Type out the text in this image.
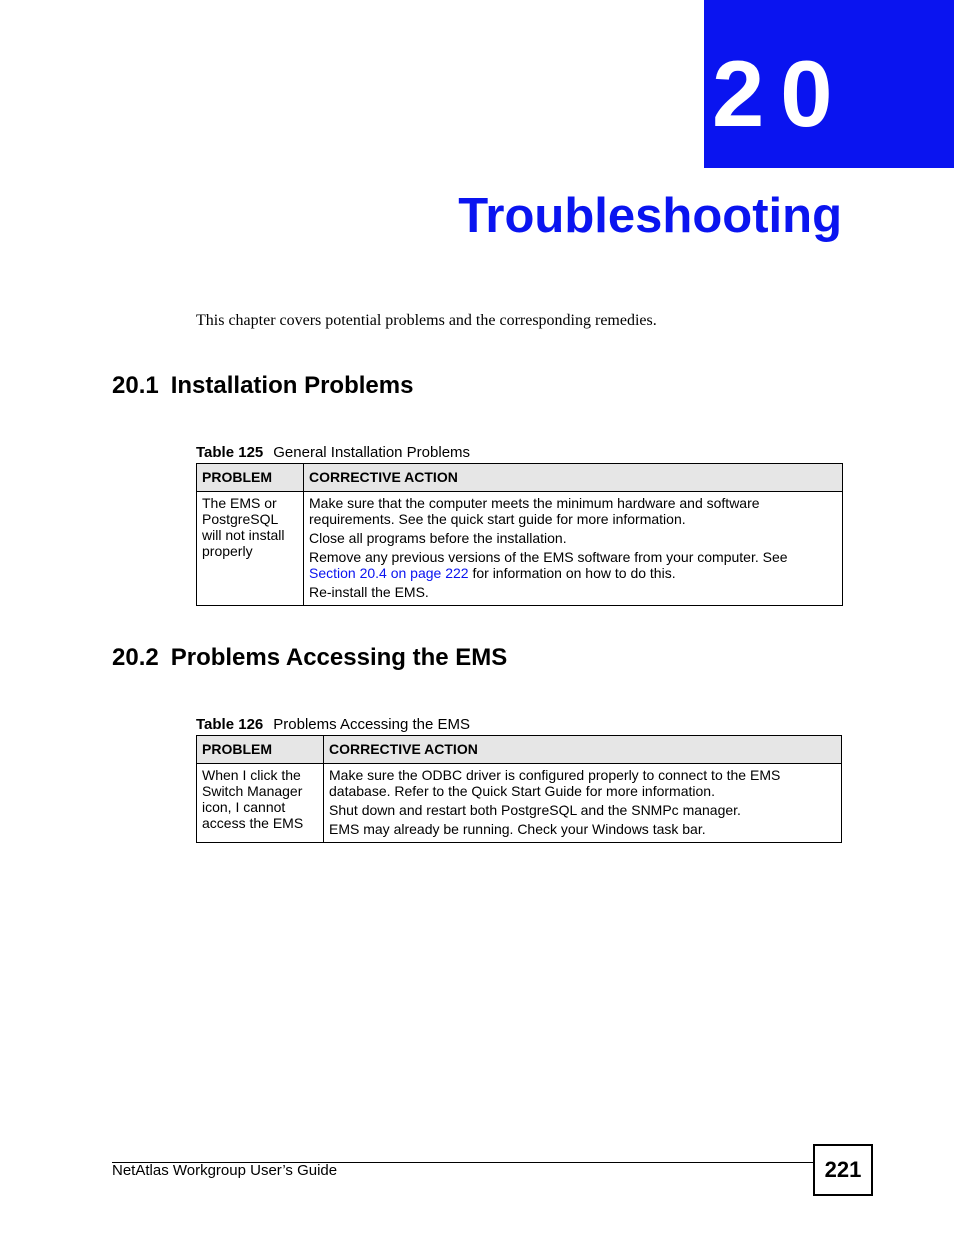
20
Troubleshooting
This chapter covers potential problems and the corresponding remedies.
20.1 Installation Problems
Table 125 General Installation Problems
PROBLEM	CORRECTIVE ACTION
The EMS or PostgreSQL will not install properly	Make sure that the computer meets the minimum hardware and software requirements. See the quick start guide for more information.

Close all programs before the installation.

Remove any previous versions of the EMS software from your computer. See Section 20.4 on page 222 for information on how to do this.

Re-install the EMS.

20.2 Problems Accessing the EMS
Table 126 Problems Accessing the EMS
PROBLEM	CORRECTIVE ACTION
When I click the Switch Manager icon, I cannot access the EMS	Make sure the ODBC driver is configured properly to connect to the EMS database. Refer to the Quick Start Guide for more information.

Shut down and restart both PostgreSQL and the SNMPc manager.

EMS may already be running. Check your Windows task bar.

NetAtlas Workgroup User’s Guide	221
